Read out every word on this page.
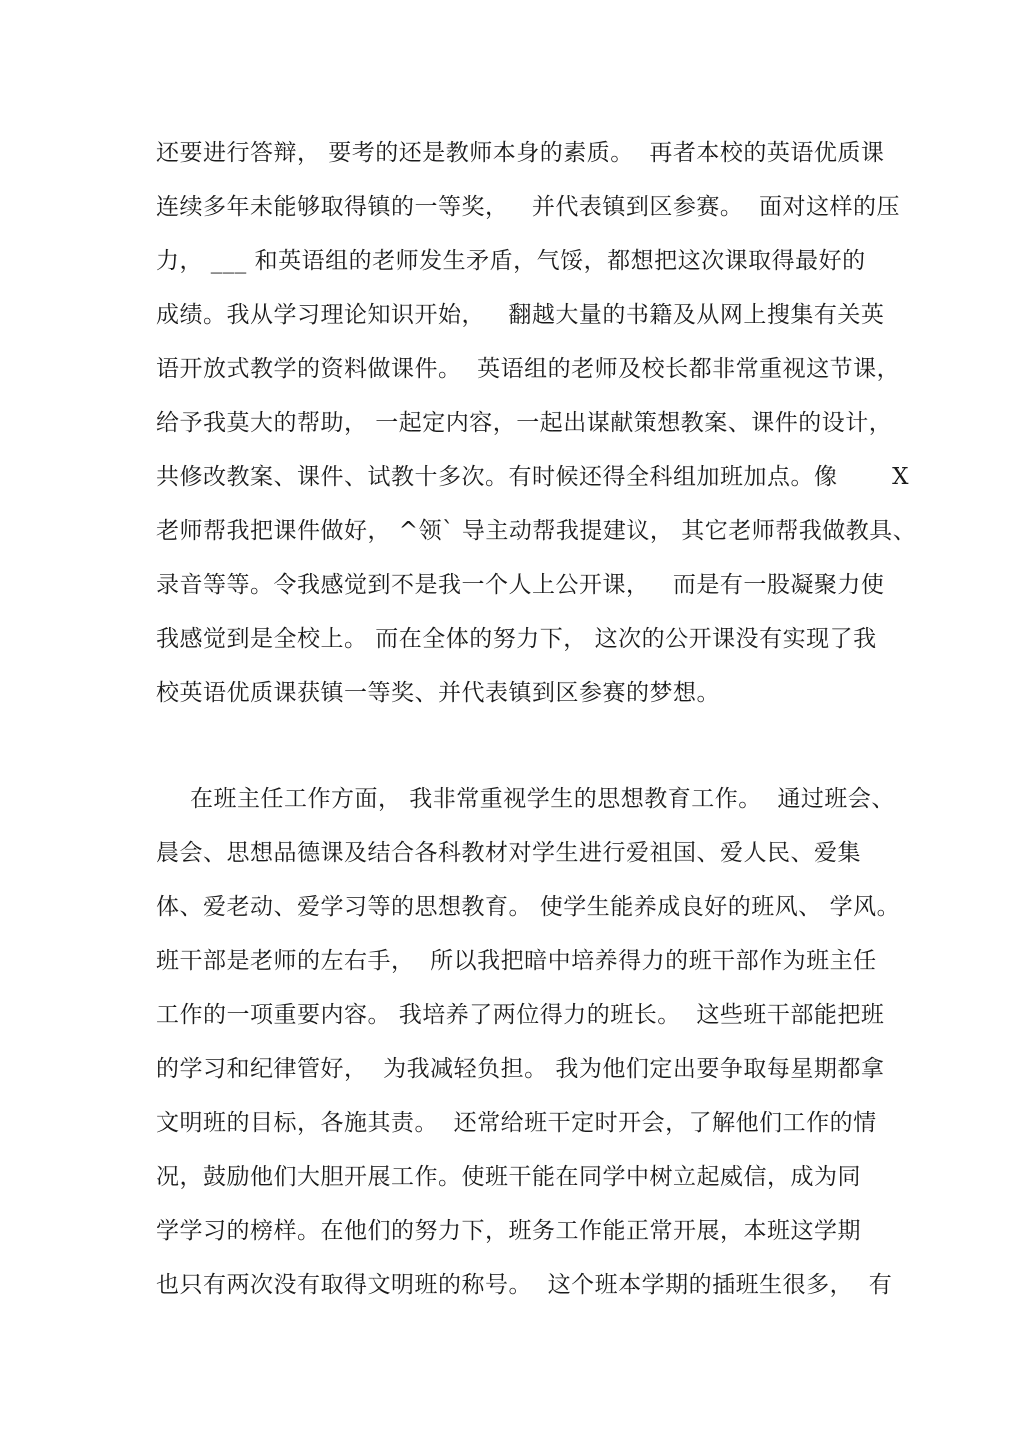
还要进行答辩， 要考的还是教师本身的素质。  再者本校的英语优质课
连续多年未能够取得镇的一等奖，   并代表镇到区参赛。  面对这样的压
力， ___ 和英语组的老师发生矛盾，气馁，都想把这次课取得最好的
成绩。我从学习理论知识开始，   翻越大量的书籍及从网上搜集有关英
语开放式教学的资料做课件。  英语组的老师及校长都非常重视这节课，
给予我莫大的帮助， 一起定内容，一起出谋献策想教案、课件的设计，
共修改教案、课件、试教十多次。有时候还得全科组加班加点。像       X
老师帮我把课件做好， ^领` 导主动帮我提建议， 其它老师帮我做教具、
录音等等。令我感觉到不是我一个人上公开课，   而是有一股凝聚力使
我感觉到是全校上。 而在全体的努力下， 这次的公开课没有实现了我
校英语优质课获镇一等奖、并代表镇到区参赛的梦想。
在班主任工作方面， 我非常重视学生的思想教育工作。  通过班会、
晨会、思想品德课及结合各科教材对学生进行爱祖国、爱人民、爱集
体、爱老动、爱学习等的思想教育。 使学生能养成良好的班风、 学风。
班干部是老师的左右手，  所以我把暗中培养得力的班干部作为班主任
工作的一项重要内容。 我培养了两位得力的班长。  这些班干部能把班
的学习和纪律管好，  为我减轻负担。 我为他们定出要争取每星期都拿
文明班的目标，各施其责。  还常给班干定时开会，了解他们工作的情
况，鼓励他们大胆开展工作。使班干能在同学中树立起威信，成为同
学学习的榜样。在他们的努力下，班务工作能正常开展，本班这学期
也只有两次没有取得文明班的称号。  这个班本学期的插班生很多，  有
